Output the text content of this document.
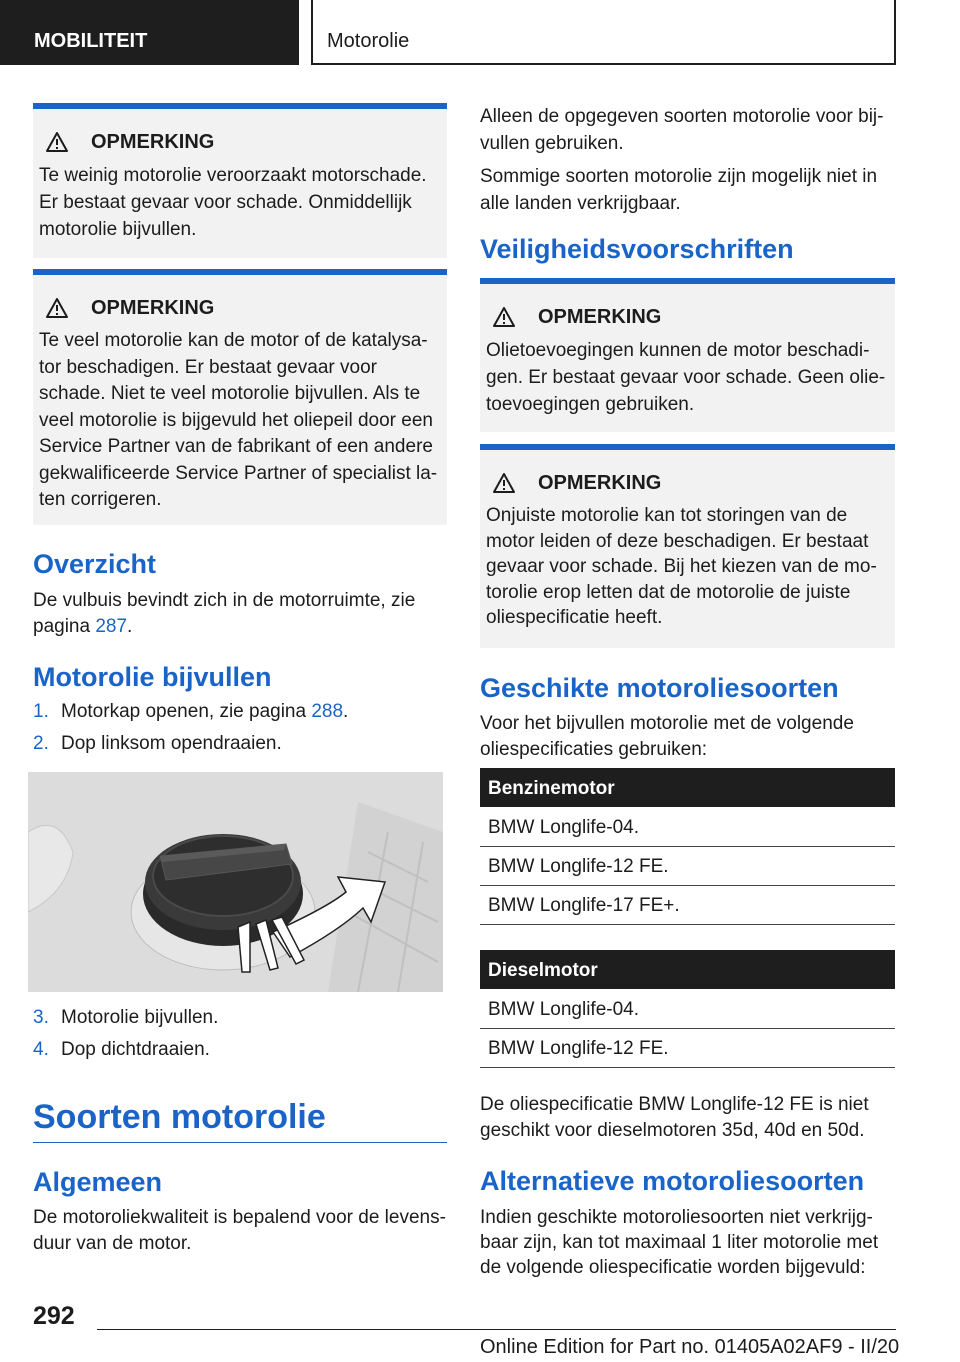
MOBILITEIT	Motorolie
OPMERKING
Te weinig motorolie veroorzaakt motorschade.
Er bestaat gevaar voor schade. Onmiddellijk
motorolie bijvullen.
OPMERKING
Te veel motorolie kan de motor of de katalysa-
tor beschadigen. Er bestaat gevaar voor
schade. Niet te veel motorolie bijvullen. Als te
veel motorolie is bijgevuld het oliepeil door een
Service Partner van de fabrikant of een andere
gekwalificeerde Service Partner of specialist la-
ten corrigeren.
Overzicht
De vulbuis bevindt zich in de motorruimte, zie
pagina 287.
Motorolie bijvullen
1. Motorkap openen, zie pagina 288.
2. Dop linksom opendraaien.
3. Motorolie bijvullen.
4. Dop dichtdraaien.
Soorten motorolie
Algemeen
De motoroliekwaliteit is bepalend voor de levens-
duur van de motor.
Alleen de opgegeven soorten motorolie voor bij-
vullen gebruiken.
Sommige soorten motorolie zijn mogelijk niet in
alle landen verkrijgbaar.
Veiligheidsvoorschriften
OPMERKING
Olietoevoegingen kunnen de motor beschadi-
gen. Er bestaat gevaar voor schade. Geen olie-
toevoegingen gebruiken.
OPMERKING
Onjuiste motorolie kan tot storingen van de
motor leiden of deze beschadigen. Er bestaat
gevaar voor schade. Bij het kiezen van de mo-
torolie erop letten dat de motorolie de juiste
oliespecificatie heeft.
Geschikte motoroliesoorten
Voor het bijvullen motorolie met de volgende
oliespecificaties gebruiken:
Benzinemotor
BMW Longlife-04.
BMW Longlife-12 FE.
BMW Longlife-17 FE+.
Dieselmotor
BMW Longlife-04.
BMW Longlife-12 FE.
De oliespecificatie BMW Longlife-12 FE is niet
geschikt voor dieselmotoren 35d, 40d en 50d.
Alternatieve motoroliesoorten
Indien geschikte motoroliesoorten niet verkrijg-
baar zijn, kan tot maximaal 1 liter motorolie met
de volgende oliespecificatie worden bijgevuld:
292
Online Edition for Part no. 01405A02AF9 - II/20
